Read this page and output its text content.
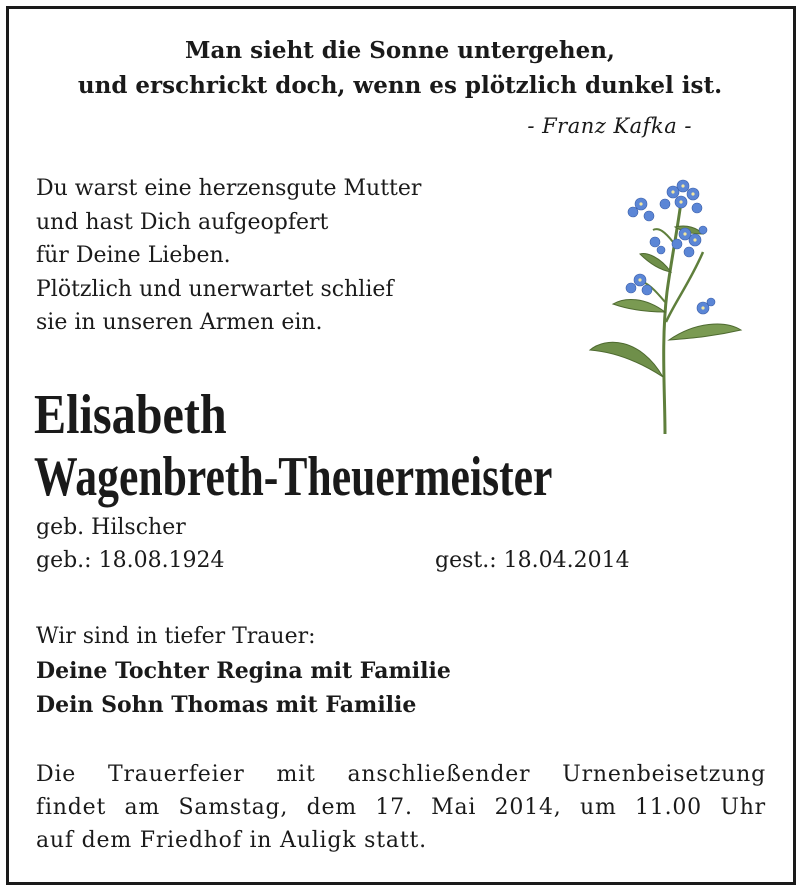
Man sieht die Sonne untergehen,
und erschrickt doch, wenn es plötzlich dunkel ist.
- Franz Kafka -
Du warst eine herzensgute Mutter
und hast Dich aufgeopfert
für Deine Lieben.
Plötzlich und unerwartet schlief
sie in unseren Armen ein.
Elisabeth
Wagenbreth-Theuermeister
geb. Hilscher
geb.: 18.08.1924	gest.: 18.04.2014
Wir sind in tiefer Trauer:
Deine Tochter Regina mit Familie
Dein Sohn Thomas mit Familie
Die Trauerfeier mit anschließender Urnenbeisetzung
findet am Samstag, dem 17. Mai 2014, um 11.00 Uhr
auf dem Friedhof in Auligk statt.
